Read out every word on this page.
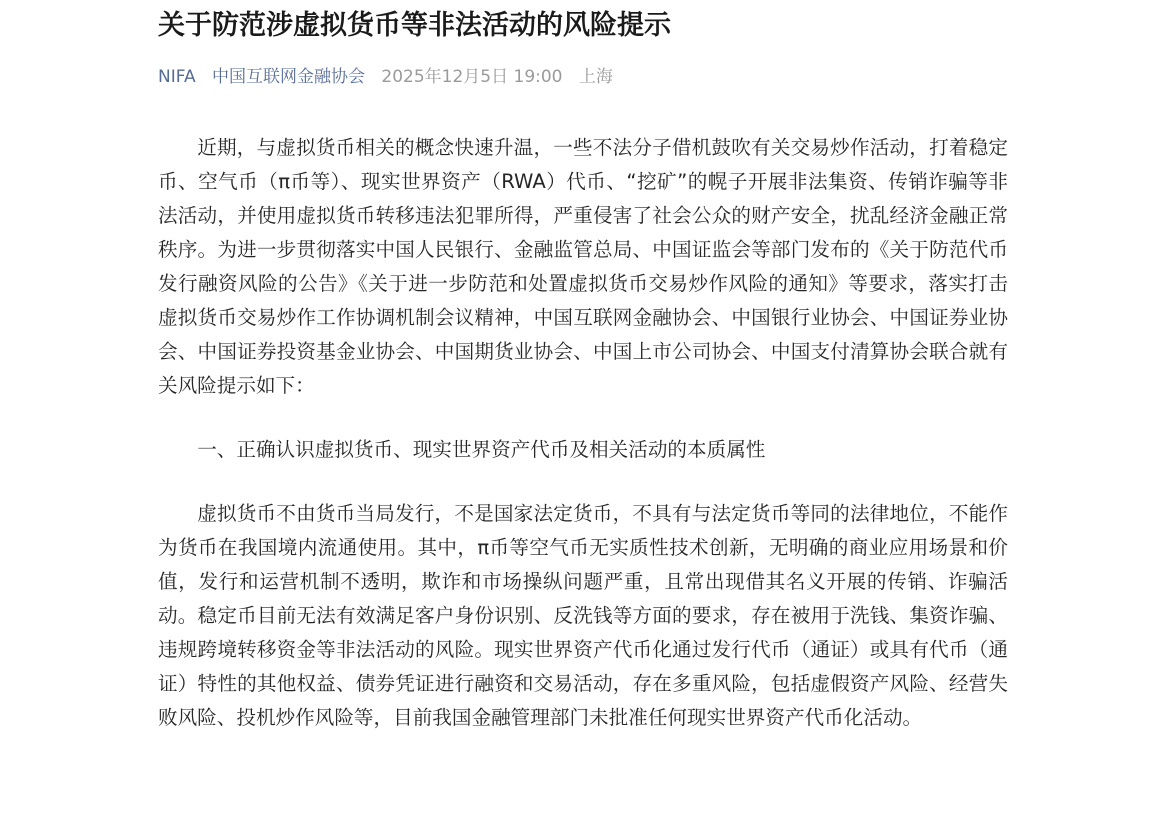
关于防范涉虚拟货币等非法活动的风险提示
NIFA 中国互联网金融协会 2025年12月5日 19:00 上海

近期，与虚拟货币相关的概念快速升温，一些不法分子借机鼓吹有关交易炒作活动，打着稳定币、空气币（π币等）、现实世界资产（RWA）代币、“挖矿”的幌子开展非法集资、传销诈骗等非法活动，并使用虚拟货币转移违法犯罪所得，严重侵害了社会公众的财产安全，扰乱经济金融正常秩序。为进一步贯彻落实中国人民银行、金融监管总局、中国证监会等部门发布的《关于防范代币发行融资风险的公告》《关于进一步防范和处置虚拟货币交易炒作风险的通知》等要求，落实打击虚拟货币交易炒作工作协调机制会议精神，中国互联网金融协会、中国银行业协会、中国证券业协会、中国证券投资基金业协会、中国期货业协会、中国上市公司协会、中国支付清算协会联合就有关风险提示如下：

一、正确认识虚拟货币、现实世界资产代币及相关活动的本质属性

虚拟货币不由货币当局发行，不是国家法定货币，不具有与法定货币等同的法律地位，不能作为货币在我国境内流通使用。其中，π币等空气币无实质性技术创新，无明确的商业应用场景和价值，发行和运营机制不透明，欺诈和市场操纵问题严重，且常出现借其名义开展的传销、诈骗活动。稳定币目前无法有效满足客户身份识别、反洗钱等方面的要求，存在被用于洗钱、集资诈骗、违规跨境转移资金等非法活动的风险。现实世界资产代币化通过发行代币（通证）或具有代币（通证）特性的其他权益、债券凭证进行融资和交易活动，存在多重风险，包括虚假资产风险、经营失败风险、投机炒作风险等，目前我国金融管理部门未批准任何现实世界资产代币化活动。
